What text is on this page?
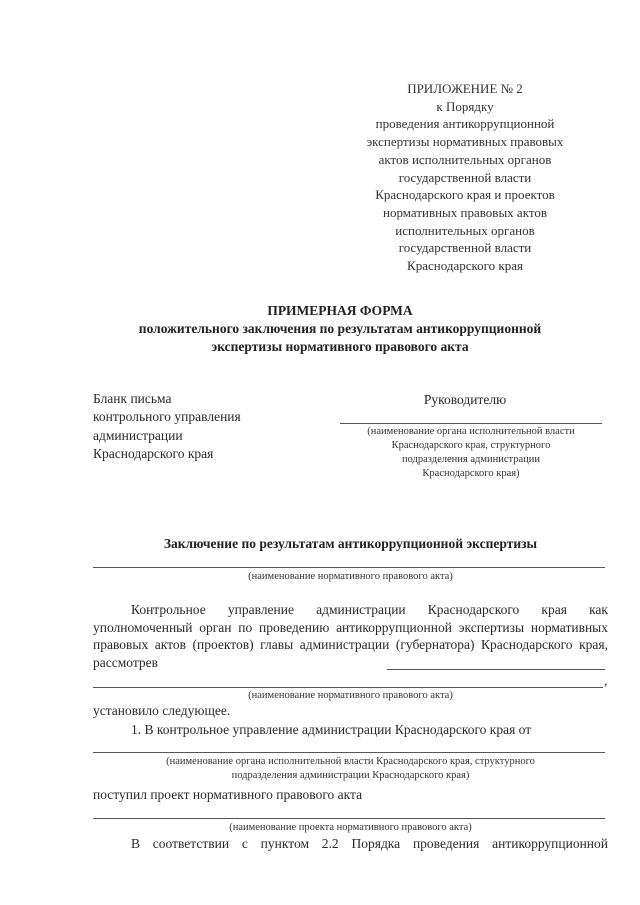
ПРИЛОЖЕНИЕ № 2
к Порядку
проведения антикоррупционной
экспертизы нормативных правовых
актов исполнительных органов
государственной власти
Краснодарского края и проектов
нормативных правовых актов
исполнительных органов
государственной власти
Краснодарского края
ПРИМЕРНАЯ ФОРМА
положительного заключения по результатам антикоррупционной
экспертизы нормативного правового акта
Бланк письма
контрольного управления
администрации
Краснодарского края
Руководителю
(наименование органа исполнительной власти
Краснодарского края, структурного
подразделения администрации
Краснодарского края)
Заключение по результатам антикоррупционной экспертизы
(наименование нормативного правового акта)
Контрольное управление администрации Краснодарского края как уполномоченный орган по проведению антикоррупционной экспертизы нормативных правовых актов (проектов) главы администрации (губернатора) Краснодарского края, рассмотрев
,
(наименование нормативного правового акта)
установило следующее.
1. В контрольное управление администрации Краснодарского края от
(наименование органа исполнительной власти Краснодарского края, структурного
подразделения администрации Краснодарского края)
поступил проект нормативного правового акта
(наименование проекта нормативного правового акта)
В соответствии с пунктом 2.2 Порядка проведения антикоррупционной
